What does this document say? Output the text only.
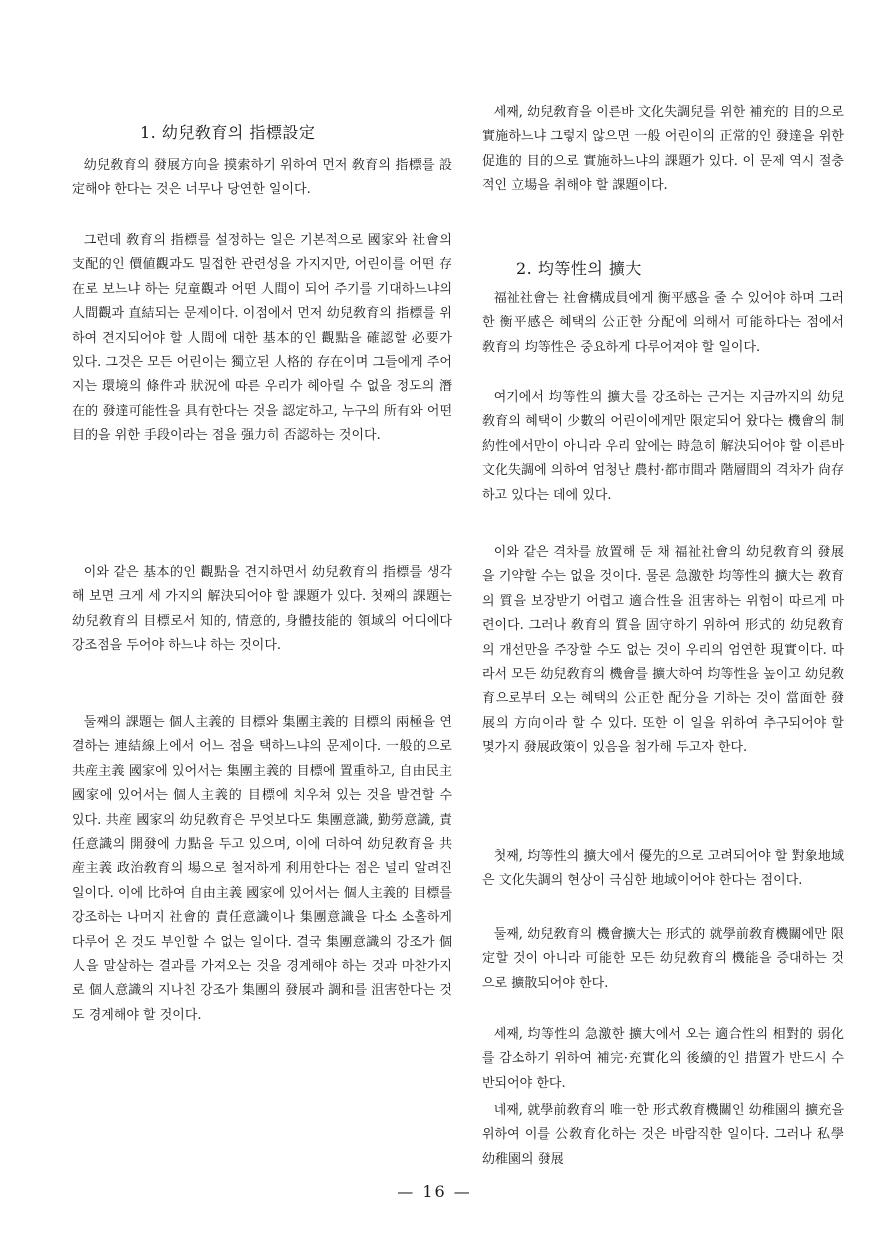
1. 幼兒敎育의 指標設定

幼兒敎育의 發展方向을 摸索하기 위하여 먼저 敎育의 指標를 設定해야 한다는 것은 너무나 당연한 일이다.

그런데 敎育의 指標를 설정하는 일은 기본적으로 國家와 社會의 支配的인 價値觀과도 밀접한 관련성을 가지지만, 어린이를 어떤 存在로 보느냐 하는 兒童觀과 어떤 人間이 되어 주기를 기대하느냐의 人間觀과 直結되는 문제이다. 이점에서 먼저 幼兒敎育의 指標를 위하여 견지되어야 할 人間에 대한 基本的인 觀點을 確認할 必要가 있다. 그것은 모든 어린이는 獨立된 人格的 存在이며 그들에게 주어지는 環境의 條件과 狀況에 따른 우리가 헤아릴 수 없을 정도의 潛在的 發達可能性을 具有한다는 것을 認定하고, 누구의 所有와 어떤 目的을 위한 手段이라는 점을 强力히 否認하는 것이다.

이와 같은 基本的인 觀點을 견지하면서 幼兒敎育의 指標를 생각해 보면 크게 세 가지의 解決되어야 할 課題가 있다. 첫째의 課題는 幼兒敎育의 目標로서 知的, 情意的, 身體技能的 領域의 어디에다 강조점을 두어야 하느냐 하는 것이다.

둘째의 課題는 個人主義的 目標와 集團主義的 目標의 兩極을 연결하는 連結線上에서 어느 점을 택하느냐의 문제이다. 一般的으로 共産主義 國家에 있어서는 集團主義的 目標에 置重하고, 自由民主 國家에 있어서는 個人主義的 目標에 치우쳐 있는 것을 발견할 수 있다. 共産 國家의 幼兒敎育은 무엇보다도 集團意識, 勤勞意識, 責任意識의 開發에 力點을 두고 있으며, 이에 더하여 幼兒敎育을 共産主義 政治敎育의 場으로 철저하게 利用한다는 점은 널리 알려진 일이다. 이에 比하여 自由主義 國家에 있어서는 個人主義的 目標를 강조하는 나머지 社會的 責任意識이나 集團意識을 다소 소홀하게 다루어 온 것도 부인할 수 없는 일이다. 결국 集團意識의 강조가 個人을 말살하는 결과를 가져오는 것을 경계해야 하는 것과 마찬가지로 個人意識의 지나친 강조가 集團의 發展과 調和를 沮害한다는 것도 경계해야 할 것이다.

세째, 幼兒敎育을 이른바 文化失調兒를 위한 補充的 目的으로 實施하느냐 그렇지 않으면 一般 어린이의 正常的인 發達을 위한 促進的 目的으로 實施하느냐의 課題가 있다. 이 문제 역시 절충적인 立場을 취해야 할 課題이다.

2. 均等性의 擴大

福祉社會는 社會構成員에게 衡平感을 줄 수 있어야 하며 그러한 衡平感은 혜택의 公正한 分配에 의해서 可能하다는 점에서 敎育의 均等性은 중요하게 다루어져야 할 일이다.

여기에서 均等性의 擴大를 강조하는 근거는 지금까지의 幼兒敎育의 혜택이 少數의 어린이에게만 限定되어 왔다는 機會의 制約性에서만이 아니라 우리 앞에는 時急히 解決되어야 할 이른바 文化失調에 의하여 엄청난 農村·都市間과 階層間의 격차가 尙存하고 있다는 데에 있다.

이와 같은 격차를 放置해 둔 채 福祉社會의 幼兒敎育의 發展을 기약할 수는 없을 것이다. 물론 急激한 均等性의 擴大는 敎育의 質을 보장받기 어렵고 適合性을 沮害하는 위험이 따르게 마련이다. 그러나 敎育의 質을 固守하기 위하여 形式的 幼兒敎育의 개선만을 주장할 수도 없는 것이 우리의 엄연한 現實이다. 따라서 모든 幼兒敎育의 機會를 擴大하여 均等性을 높이고 幼兒敎育으로부터 오는 혜택의 公正한 配分을 기하는 것이 當面한 發展의 方向이라 할 수 있다. 또한 이 일을 위하여 추구되어야 할 몇가지 發展政策이 있음을 첨가해 두고자 한다.

첫째, 均等性의 擴大에서 優先的으로 고려되어야 할 對象地域은 文化失調의 현상이 극심한 地域이어야 한다는 점이다.

둘째, 幼兒敎育의 機會擴大는 形式的 就學前敎育機關에만 限定할 것이 아니라 可能한 모든 幼兒敎育의 機能을 증대하는 것으로 擴散되어야 한다.

세째, 均等性의 急激한 擴大에서 오는 適合性의 相對的 弱化를 감소하기 위하여 補完·充實化의 後續的인 措置가 반드시 수반되어야 한다.

네째, 就學前敎育의 唯一한 形式敎育機關인 幼稚園의 擴充을 위하여 이를 公敎育化하는 것은 바람직한 일이다. 그러나 私學幼稚園의 發展

— 16 —
